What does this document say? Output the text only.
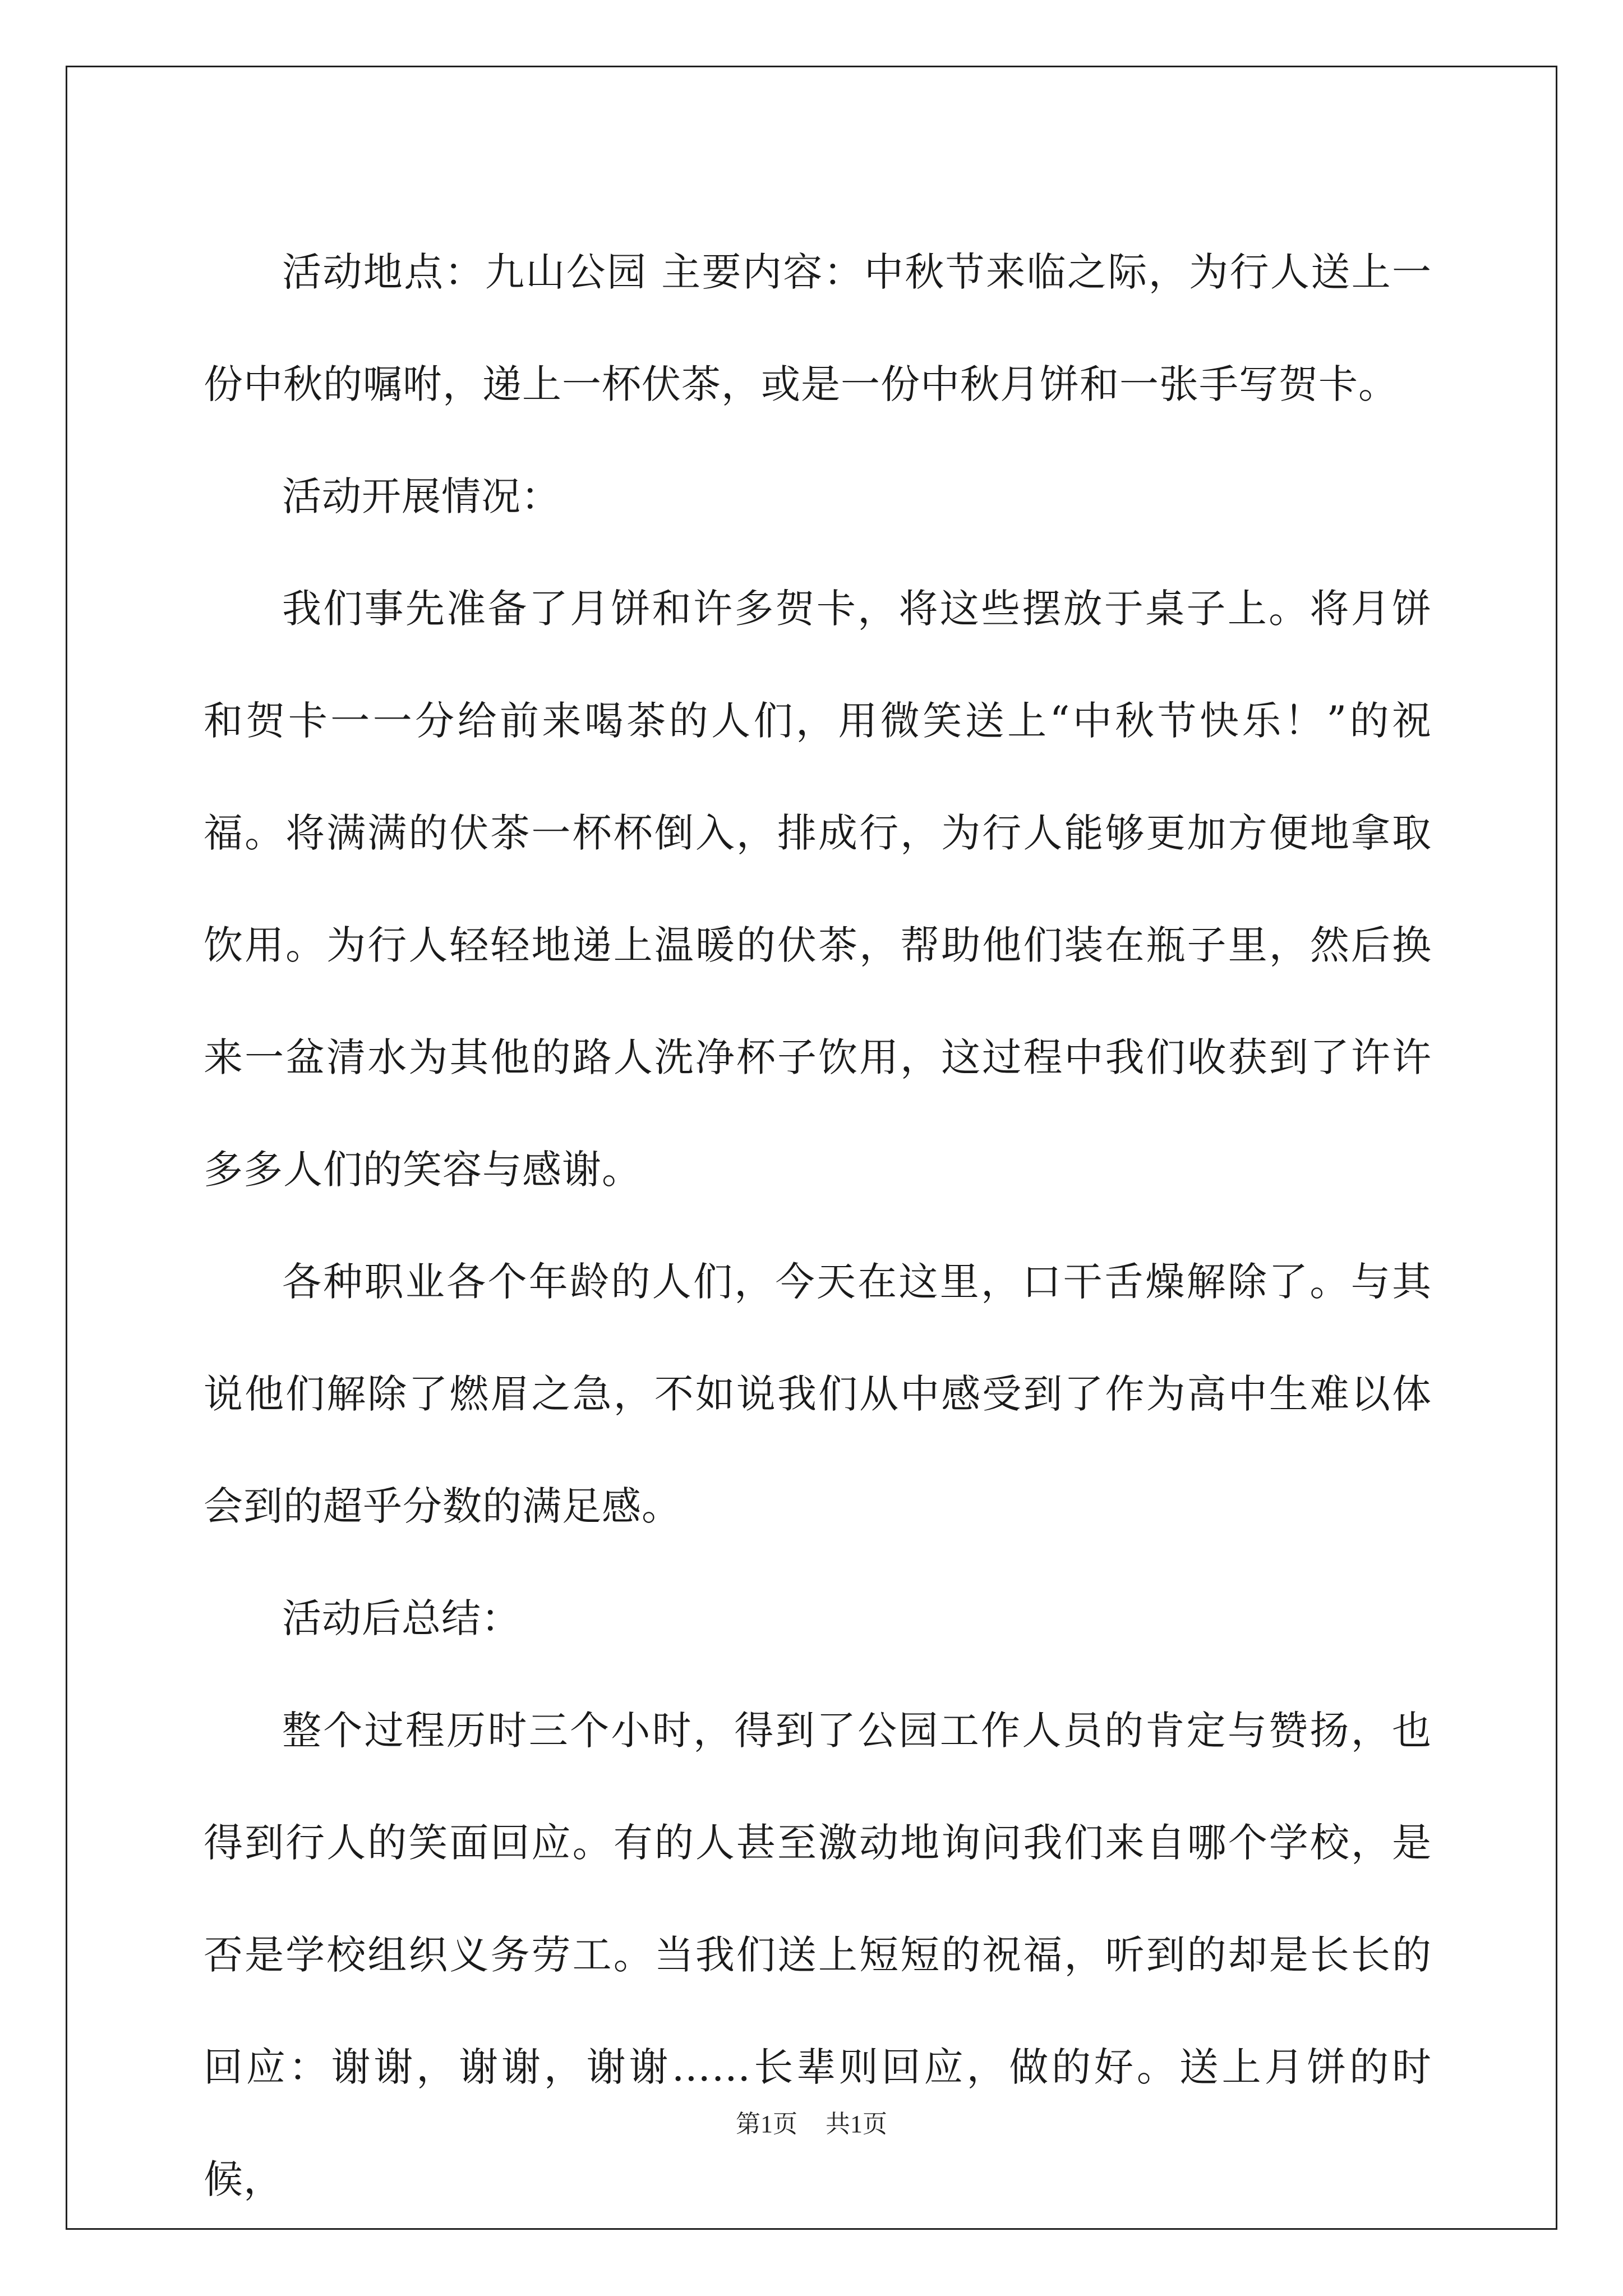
活动地点：九山公园 主要内容：中秋节来临之际，为行人送上一份中秋的嘱咐，递上一杯伏茶，或是一份中秋月饼和一张手写贺卡。

活动开展情况：

我们事先准备了月饼和许多贺卡，将这些摆放于桌子上。将月饼和贺卡一一分给前来喝茶的人们，用微笑送上“中秋节快乐！”的祝福。将满满的伏茶一杯杯倒入，排成行，为行人能够更加方便地拿取饮用。为行人轻轻地递上温暖的伏茶，帮助他们装在瓶子里，然后换来一盆清水为其他的路人洗净杯子饮用，这过程中我们收获到了许许多多人们的笑容与感谢。

各种职业各个年龄的人们，今天在这里，口干舌燥解除了。与其说他们解除了燃眉之急，不如说我们从中感受到了作为高中生难以体会到的超乎分数的满足感。

活动后总结：

整个过程历时三个小时，得到了公园工作人员的肯定与赞扬，也得到行人的笑面回应。有的人甚至激动地询问我们来自哪个学校，是否是学校组织义务劳工。当我们送上短短的祝福，听到的却是长长的回应：谢谢，谢谢，谢谢……长辈则回应，做的好。送上月饼的时候，

第1页 共1页
